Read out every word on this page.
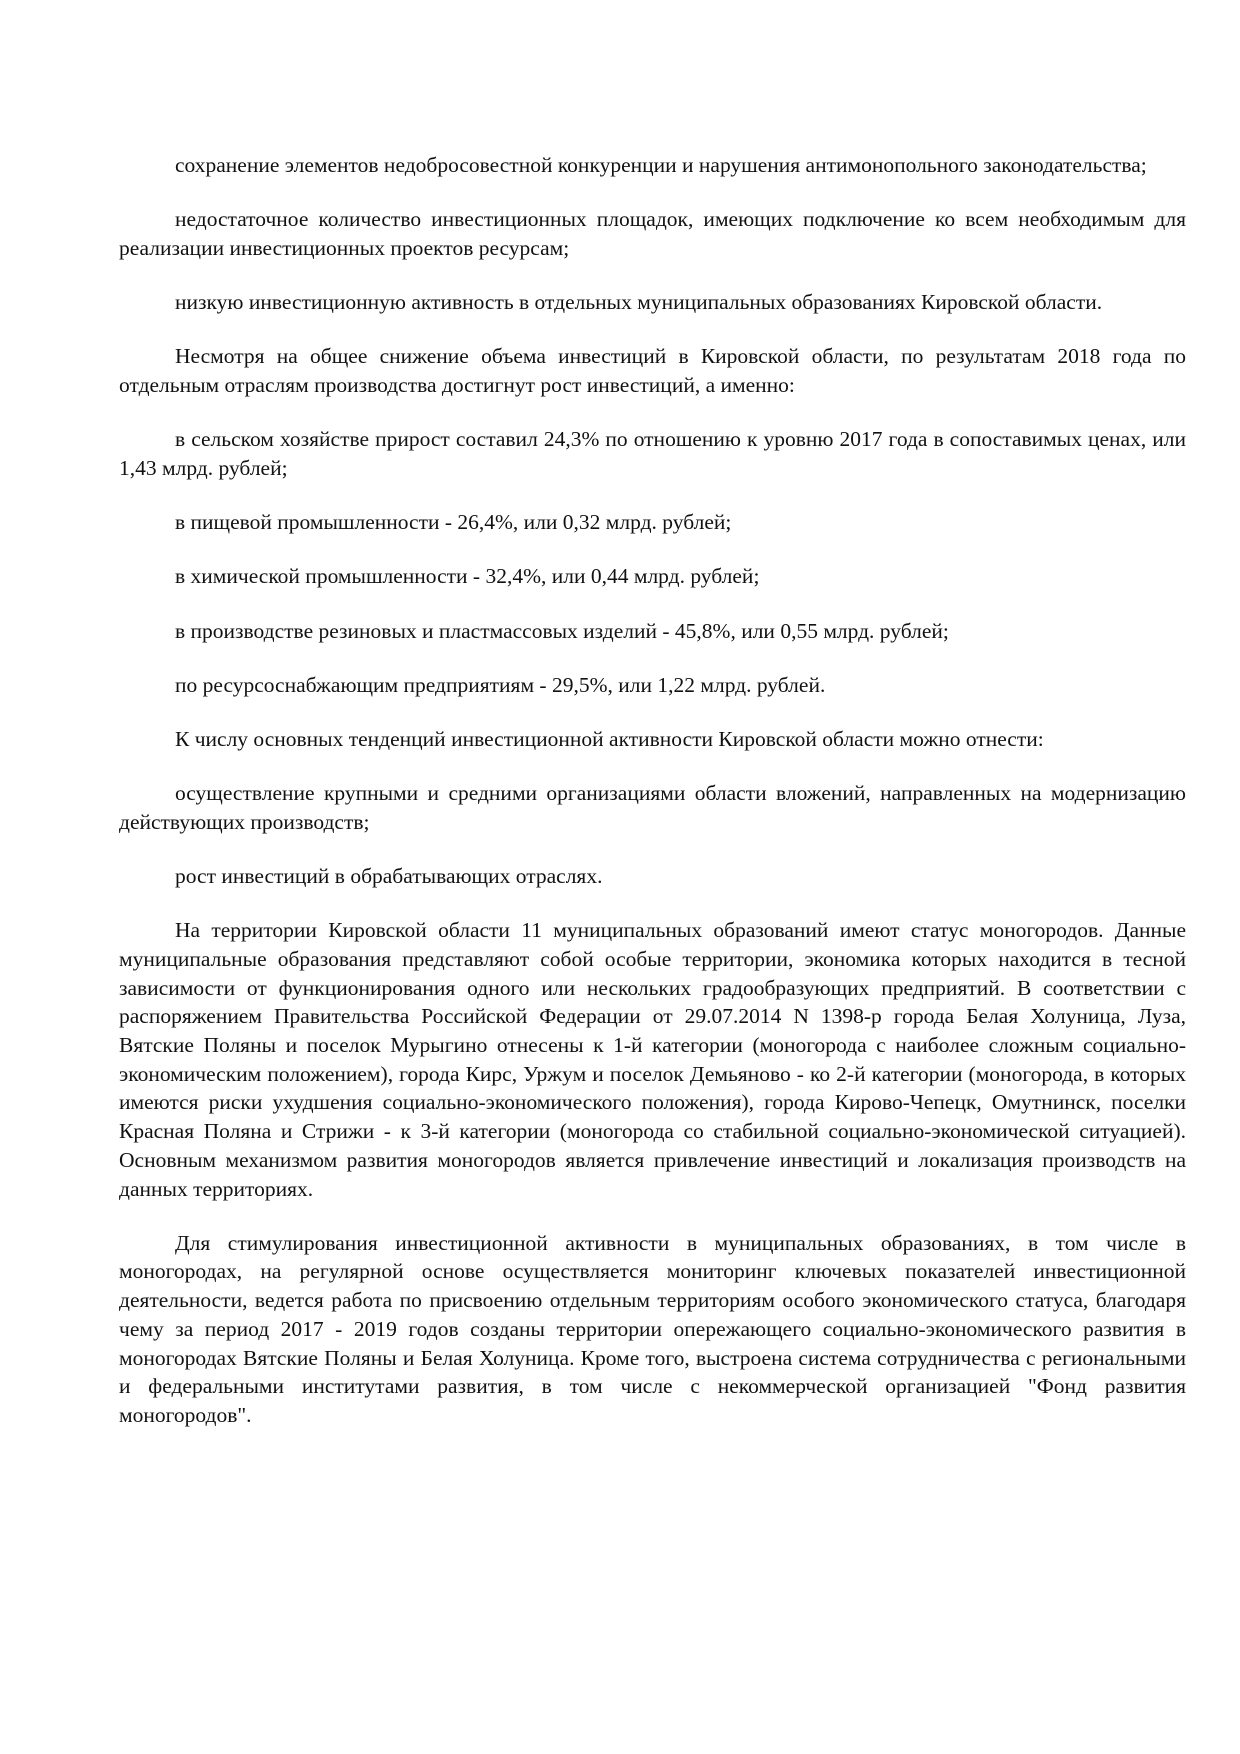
сохранение элементов недобросовестной конкуренции и нарушения антимонопольного законодательства;

недостаточное количество инвестиционных площадок, имеющих подключение ко всем необходимым для реализации инвестиционных проектов ресурсам;

низкую инвестиционную активность в отдельных муниципальных образованиях Кировской области.

Несмотря на общее снижение объема инвестиций в Кировской области, по результатам 2018 года по отдельным отраслям производства достигнут рост инвестиций, а именно:

в сельском хозяйстве прирост составил 24,3% по отношению к уровню 2017 года в сопоставимых ценах, или 1,43 млрд. рублей;

в пищевой промышленности - 26,4%, или 0,32 млрд. рублей;

в химической промышленности - 32,4%, или 0,44 млрд. рублей;

в производстве резиновых и пластмассовых изделий - 45,8%, или 0,55 млрд. рублей;

по ресурсоснабжающим предприятиям - 29,5%, или 1,22 млрд. рублей.

К числу основных тенденций инвестиционной активности Кировской области можно отнести:

осуществление крупными и средними организациями области вложений, направленных на модернизацию действующих производств;

рост инвестиций в обрабатывающих отраслях.

На территории Кировской области 11 муниципальных образований имеют статус моногородов. Данные муниципальные образования представляют собой особые территории, экономика которых находится в тесной зависимости от функционирования одного или нескольких градообразующих предприятий. В соответствии с распоряжением Правительства Российской Федерации от 29.07.2014 N 1398-р города Белая Холуница, Луза, Вятские Поляны и поселок Мурыгино отнесены к 1-й категории (моногорода с наиболее сложным социально-экономическим положением), города Кирс, Уржум и поселок Демьяново - ко 2-й категории (моногорода, в которых имеются риски ухудшения социально-экономического положения), города Кирово-Чепецк, Омутнинск, поселки Красная Поляна и Стрижи - к 3-й категории (моногорода со стабильной социально-экономической ситуацией). Основным механизмом развития моногородов является привлечение инвестиций и локализация производств на данных территориях.

Для стимулирования инвестиционной активности в муниципальных образованиях, в том числе в моногородах, на регулярной основе осуществляется мониторинг ключевых показателей инвестиционной деятельности, ведется работа по присвоению отдельным территориям особого экономического статуса, благодаря чему за период 2017 - 2019 годов созданы территории опережающего социально-экономического развития в моногородах Вятские Поляны и Белая Холуница. Кроме того, выстроена система сотрудничества с региональными и федеральными институтами развития, в том числе с некоммерческой организацией "Фонд развития моногородов".
